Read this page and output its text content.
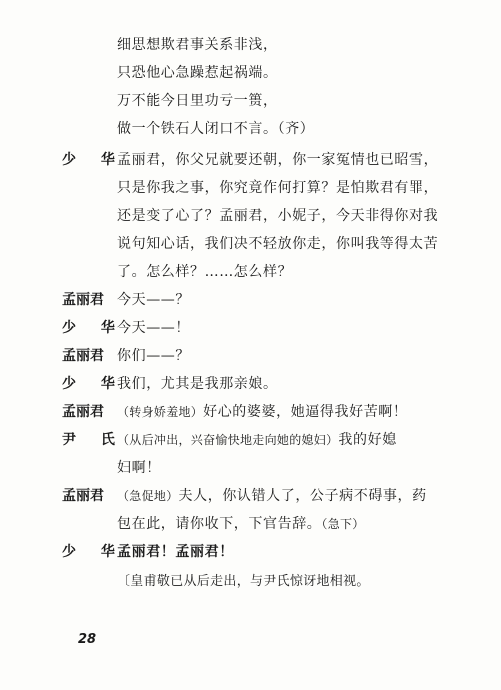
细思想欺君事关系非浅，
只恐他心急躁惹起祸端。
万不能今日里功亏一篑，
做一个铁石人闭口不言。（齐）
少 华
孟丽君，你父兄就要还朝，你一家冤情也已昭雪，
只是你我之事，你究竟作何打算？是怕欺君有罪，
还是变了心了？孟丽君，小妮子，今天非得你对我
说句知心话，我们决不轻放你走，你叫我等得太苦
了。怎么样？……怎么样？
孟丽君 今天——？
少 华
今天——！
孟丽君 你们——？
少 华
我们，尤其是我那亲娘。
孟丽君 （转身娇羞地）好心的婆婆，她逼得我好苦啊！
尹 氏
（从后冲出，兴奋愉快地走向她的媳妇）我的好媳
妇啊！
孟丽君 （急促地）夫人，你认错人了，公子病不碍事，药
包在此，请你收下，下官告辞。（急下）
少 华
孟丽君！孟丽君！
〔皇甫敬已从后走出，与尹氏惊讶地相视。
28
